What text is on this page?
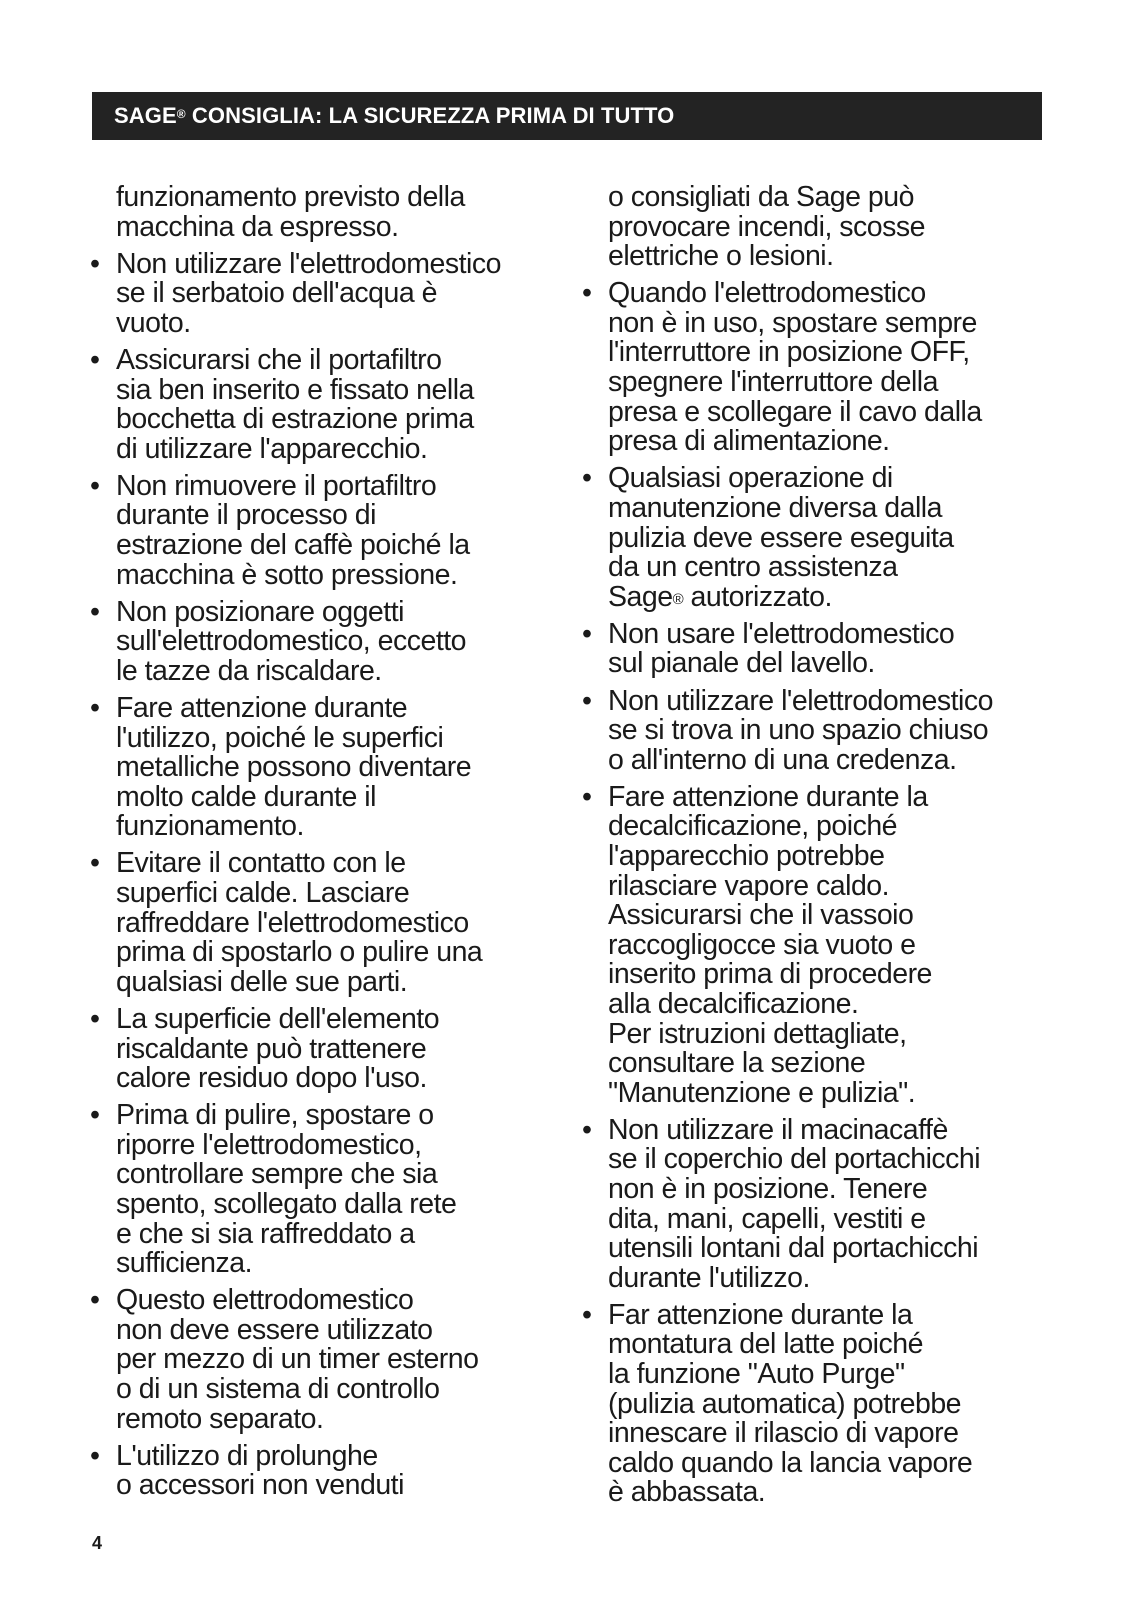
SAGE® CONSIGLIA: LA SICUREZZA PRIMA DI TUTTO
funzionamento previsto della
macchina da espresso.
• Non utilizzare l'elettrodomestico
se il serbatoio dell'acqua è
vuoto.
• Assicurarsi che il portafiltro
sia ben inserito e fissato nella
bocchetta di estrazione prima
di utilizzare l'apparecchio.
• Non rimuovere il portafiltro
durante il processo di
estrazione del caffè poiché la
macchina è sotto pressione.
• Non posizionare oggetti
sull'elettrodomestico, eccetto
le tazze da riscaldare.
• Fare attenzione durante
l'utilizzo, poiché le superfici
metalliche possono diventare
molto calde durante il
funzionamento.
• Evitare il contatto con le
superfici calde. Lasciare
raffreddare l'elettrodomestico
prima di spostarlo o pulire una
qualsiasi delle sue parti.
• La superficie dell'elemento
riscaldante può trattenere
calore residuo dopo l'uso.
• Prima di pulire, spostare o
riporre l'elettrodomestico,
controllare sempre che sia
spento, scollegato dalla rete
e che si sia raffreddato a
sufficienza.
• Questo elettrodomestico
non deve essere utilizzato
per mezzo di un timer esterno
o di un sistema di controllo
remoto separato.
• L'utilizzo di prolunghe
o accessori non venduti
o consigliati da Sage può
provocare incendi, scosse
elettriche o lesioni.
• Quando l'elettrodomestico
non è in uso, spostare sempre
l'interruttore in posizione OFF,
spegnere l'interruttore della
presa e scollegare il cavo dalla
presa di alimentazione.
• Qualsiasi operazione di
manutenzione diversa dalla
pulizia deve essere eseguita
da un centro assistenza
Sage® autorizzato.
• Non usare l'elettrodomestico
sul pianale del lavello.
• Non utilizzare l'elettrodomestico
se si trova in uno spazio chiuso
o all'interno di una credenza.
• Fare attenzione durante la
decalcificazione, poiché
l'apparecchio potrebbe
rilasciare vapore caldo.
Assicurarsi che il vassoio
raccogligocce sia vuoto e
inserito prima di procedere
alla decalcificazione.
Per istruzioni dettagliate,
consultare la sezione
"Manutenzione e pulizia".
• Non utilizzare il macinacaffè
se il coperchio del portachicchi
non è in posizione. Tenere
dita, mani, capelli, vestiti e
utensili lontani dal portachicchi
durante l'utilizzo.
• Far attenzione durante la
montatura del latte poiché
la funzione "Auto Purge"
(pulizia automatica) potrebbe
innescare il rilascio di vapore
caldo quando la lancia vapore
è abbassata.
4
